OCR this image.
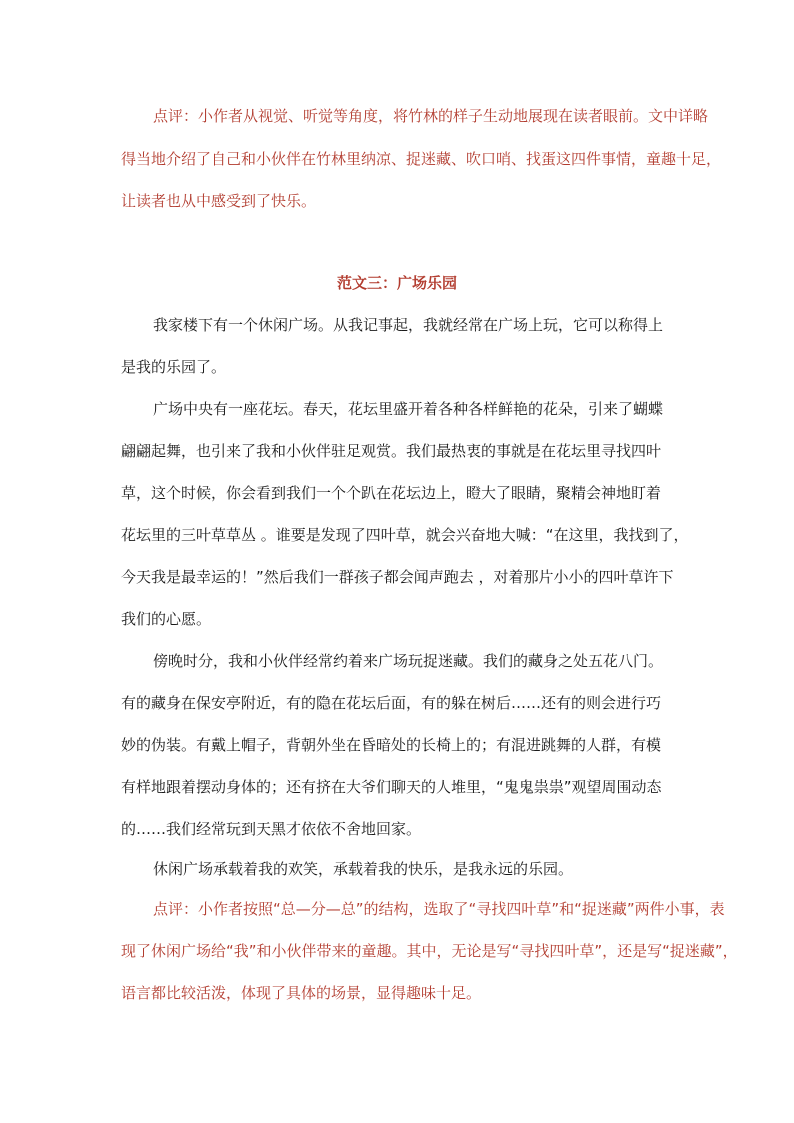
点评：小作者从视觉、听觉等角度，将竹林的样子生动地展现在读者眼前。文中详略
得当地介绍了自己和小伙伴在竹林里纳凉、捉迷藏、吹口哨、找蛋这四件事情，童趣十足，
让读者也从中感受到了快乐。
范文三：广场乐园
我家楼下有一个休闲广场。从我记事起，我就经常在广场上玩，它可以称得上
是我的乐园了。
广场中央有一座花坛。春天，花坛里盛开着各种各样鲜艳的花朵，引来了蝴蝶
翩翩起舞，也引来了我和小伙伴驻足观赏。我们最热衷的事就是在花坛里寻找四叶
草，这个时候，你会看到我们一个个趴在花坛边上，瞪大了眼睛，聚精会神地盯着
花坛里的三叶草草丛 。谁要是发现了四叶草，就会兴奋地大喊：“在这里，我找到了，
今天我是最幸运的！”然后我们一群孩子都会闻声跑去 ，对着那片小小的四叶草许下
我们的心愿。
傍晚时分，我和小伙伴经常约着来广场玩捉迷藏。我们的藏身之处五花八门。
有的藏身在保安亭附近，有的隐在花坛后面，有的躲在树后……还有的则会进行巧
妙的伪装。有戴上帽子，背朝外坐在昏暗处的长椅上的；有混进跳舞的人群，有模
有样地跟着摆动身体的；还有挤在大爷们聊天的人堆里，“鬼鬼祟祟”观望周围动态
的……我们经常玩到天黑才依依不舍地回家。
休闲广场承载着我的欢笑，承载着我的快乐，是我永远的乐园。
点评：小作者按照“总—分—总”的结构，选取了“寻找四叶草”和“捉迷藏”两件小事，表
现了休闲广场给“我”和小伙伴带来的童趣。其中，无论是写“寻找四叶草”，还是写“捉迷藏”，
语言都比较活泼，体现了具体的场景，显得趣味十足。
